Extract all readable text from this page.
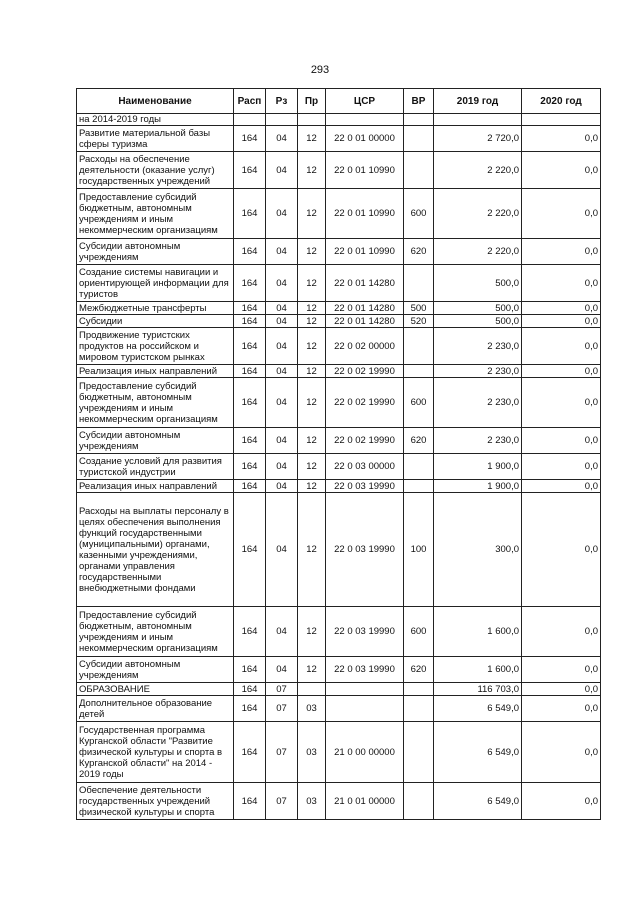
293
Наименование	Расп	Рз	Пр	ЦСР	ВР	2019 год	2020 год
на 2014-2019 годы							
Развитие материальной базы сферы туризма	164	04	12	22 0 01 00000		2 720,0	0,0
Расходы на обеспечение деятельности (оказание услуг) государственных учреждений	164	04	12	22 0 01 10990		2 220,0	0,0
Предоставление субсидий бюджетным, автономным учреждениям и иным некоммерческим организациям	164	04	12	22 0 01 10990	600	2 220,0	0,0
Субсидии автономным учреждениям	164	04	12	22 0 01 10990	620	2 220,0	0,0
Создание системы навигации и ориентирующей информации для туристов	164	04	12	22 0 01 14280		500,0	0,0
Межбюджетные трансферты	164	04	12	22 0 01 14280	500	500,0	0,0
Субсидии	164	04	12	22 0 01 14280	520	500,0	0,0
Продвижение туристских продуктов на российском и мировом туристском рынках	164	04	12	22 0 02 00000		2 230,0	0,0
Реализация иных направлений	164	04	12	22 0 02 19990		2 230,0	0,0
Предоставление субсидий бюджетным, автономным учреждениям и иным некоммерческим организациям	164	04	12	22 0 02 19990	600	2 230,0	0,0
Субсидии автономным учреждениям	164	04	12	22 0 02 19990	620	2 230,0	0,0
Создание условий для развития туристской индустрии	164	04	12	22 0 03 00000		1 900,0	0,0
Реализация иных направлений	164	04	12	22 0 03 19990		1 900,0	0,0
Расходы на выплаты персоналу в целях обеспечения выполнения функций государственными (муниципальными) органами, казенными учреждениями, органами управления государственными внебюджетными фондами	164	04	12	22 0 03 19990	100	300,0	0,0
Предоставление субсидий бюджетным, автономным учреждениям и иным некоммерческим организациям	164	04	12	22 0 03 19990	600	1 600,0	0,0
Субсидии автономным учреждениям	164	04	12	22 0 03 19990	620	1 600,0	0,0
ОБРАЗОВАНИЕ	164	07				116 703,0	0,0
Дополнительное образование детей	164	07	03			6 549,0	0,0
Государственная программа Курганской области "Развитие физической культуры и спорта в Курганской области" на 2014 - 2019 годы	164	07	03	21 0 00 00000		6 549,0	0,0
Обеспечение деятельности государственных учреждений физической культуры и спорта	164	07	03	21 0 01 00000		6 549,0	0,0
